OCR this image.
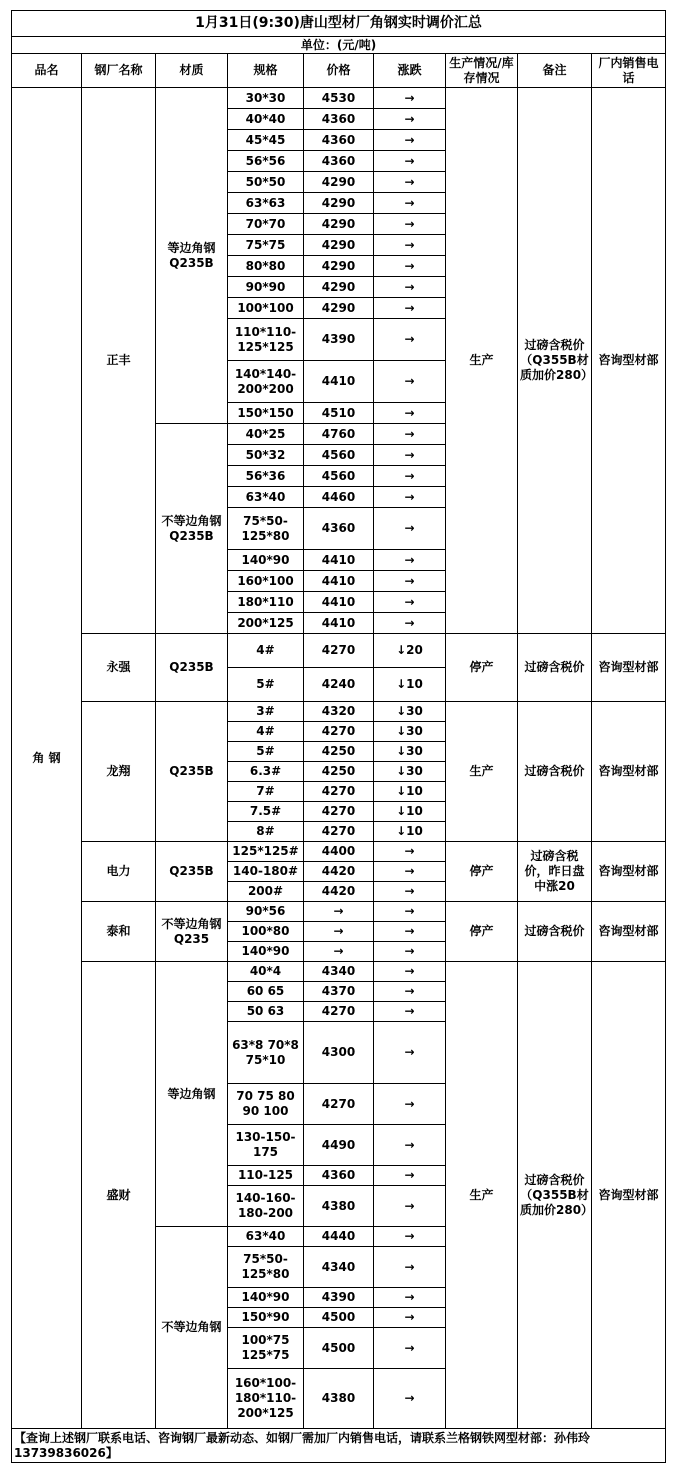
1月31日(9:30)唐山型材厂角钢实时调价汇总								
单位：(元/吨)								
品名	钢厂名称	材质	规格	价格	涨跌	生产情况/库存情况	备注	厂内销售电话
角 钢	正丰	等边角钢Q235B	30*30	4530	→	生产	过磅含税价（Q355B材质加价280）	咨询型材部
			40*40	4360	→			
			45*45	4360	→			
			56*56	4360	→			
			50*50	4290	→			
			63*63	4290	→			
			70*70	4290	→			
			75*75	4290	→			
			80*80	4290	→			
			90*90	4290	→			
			100*100	4290	→			
			110*110-125*125	4390	→			
			140*140-200*200	4410	→			
			150*150	4510	→			
		不等边角钢Q235B	40*25	4760	→			
			50*32	4560	→			
			56*36	4560	→			
			63*40	4460	→			
			75*50-125*80	4360	→			
			140*90	4410	→			
			160*100	4410	→			
			180*110	4410	→			
			200*125	4410	→			
	永强	Q235B	4#	4270	↓20	停产	过磅含税价	咨询型材部
			5#	4240	↓10			
	龙翔	Q235B	3#	4320	↓30	生产	过磅含税价	咨询型材部
			4#	4270	↓30			
			5#	4250	↓30			
			6.3#	4250	↓30			
			7#	4270	↓10			
			7.5#	4270	↓10			
			8#	4270	↓10			
	电力	Q235B	125*125#	4400	→	停产	过磅含税价，昨日盘中涨20	咨询型材部
			140-180#	4420	→			
			200#	4420	→			
	泰和	不等边角钢Q235	90*56	→	→	停产	过磅含税价	咨询型材部
			100*80	→	→			
			140*90	→	→			
	盛财	等边角钢	40*4	4340	→	生产	过磅含税价（Q355B材质加价280）	咨询型材部
			60 65	4370	→			
			50 63	4270	→			
			63*8 70*8 75*10	4300	→			
			70 75 80 90 100	4270	→			
			130-150-175	4490	→			
			110-125	4360	→			
			140-160-180-200	4380	→			
		不等边角钢	63*40	4440	→			
			75*50-125*80	4340	→			
			140*90	4390	→			
			150*90	4500	→			
			100*75 125*75	4500	→			
			160*100-180*110-200*125	4380	→			
【查询上述钢厂联系电话、咨询钢厂最新动态、如钢厂需加厂内销售电话，请联系兰格钢铁网型材部：孙伟玲13739836026】								
